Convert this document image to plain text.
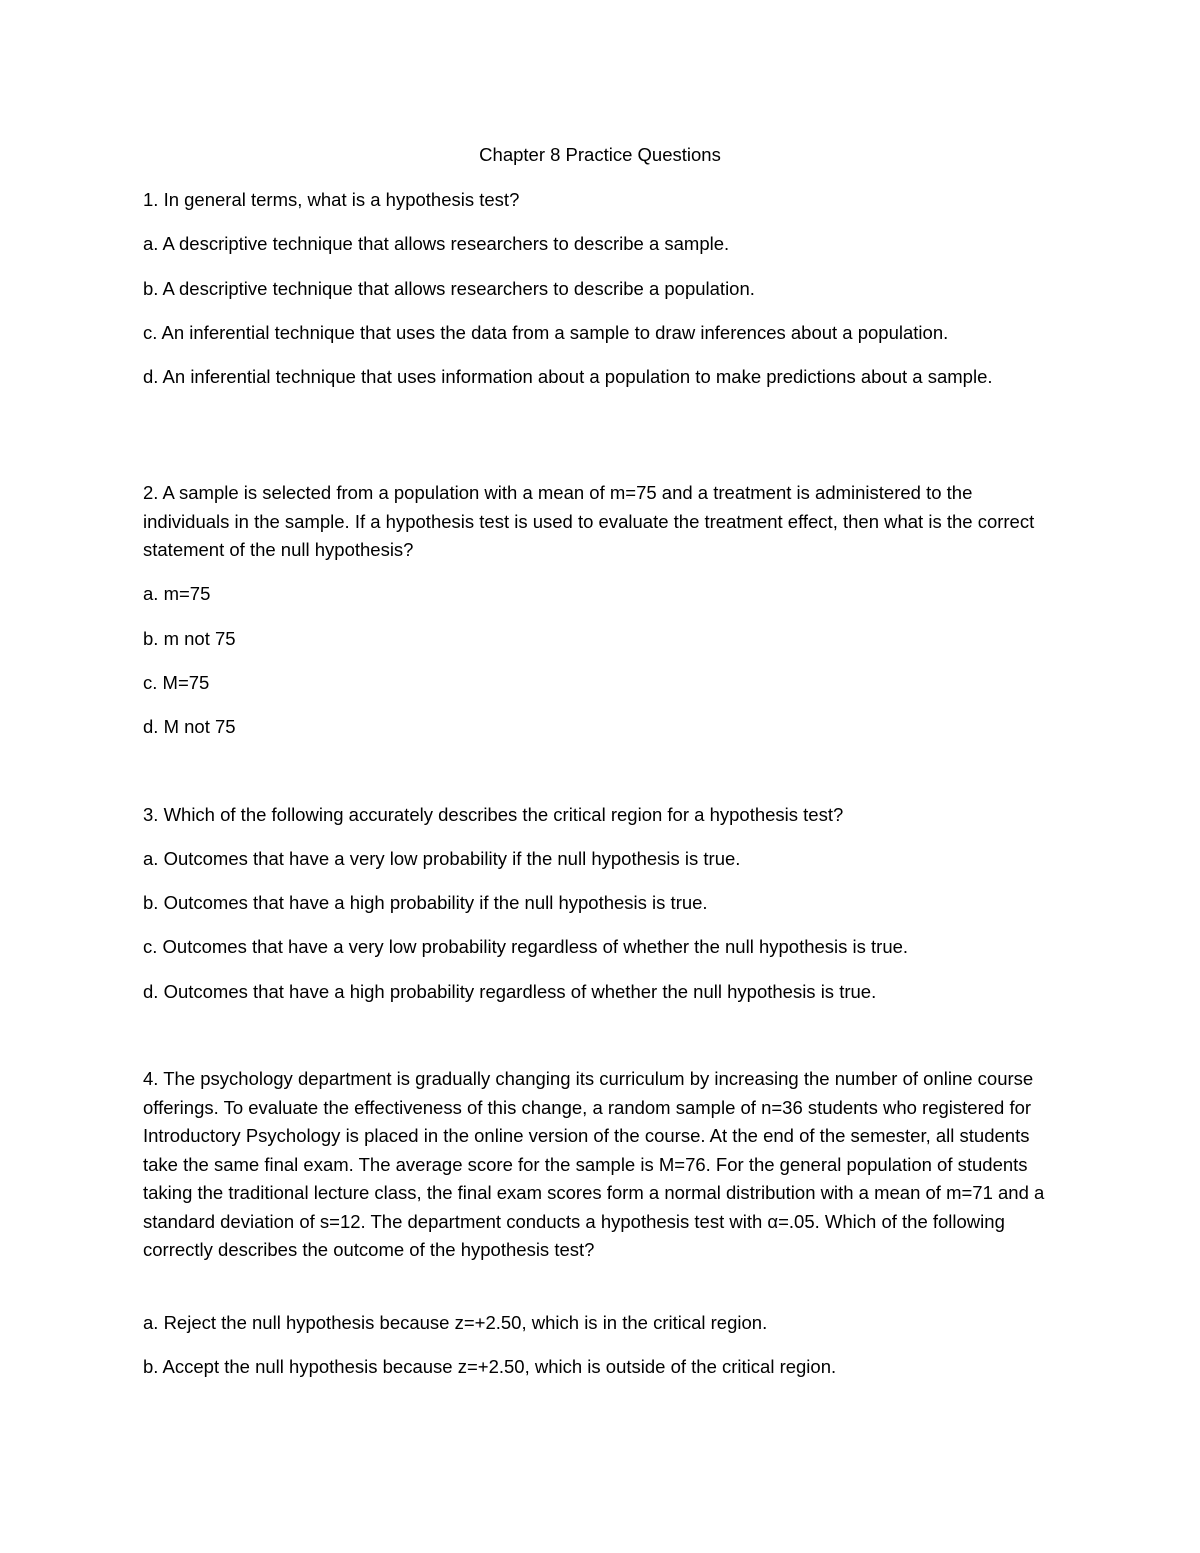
Chapter 8 Practice Questions
1. In general terms, what is a hypothesis test?
a. A descriptive technique that allows researchers to describe a sample.
b. A descriptive technique that allows researchers to describe a population.
c. An inferential technique that uses the data from a sample to draw inferences about a population.
d. An inferential technique that uses information about a population to make predictions about a sample.
2. A sample is selected from a population with a mean of m=75 and a treatment is administered to the individuals in the sample. If a hypothesis test is used to evaluate the treatment effect, then what is the correct statement of the null hypothesis?
a. m=75
b. m not 75
c. M=75
d. M not 75
3. Which of the following accurately describes the critical region for a hypothesis test?
a. Outcomes that have a very low probability if the null hypothesis is true.
b. Outcomes that have a high probability if the null hypothesis is true.
c. Outcomes that have a very low probability regardless of whether the null hypothesis is true.
d. Outcomes that have a high probability regardless of whether the null hypothesis is true.
4. The psychology department is gradually changing its curriculum by increasing the number of online course offerings. To evaluate the effectiveness of this change, a random sample of n=36 students who registered for Introductory Psychology is placed in the online version of the course. At the end of the semester, all students take the same final exam. The average score for the sample is M=76. For the general population of students taking the traditional lecture class, the final exam scores form a normal distribution with a mean of m=71 and a standard deviation of s=12. The department conducts a hypothesis test with α=.05. Which of the following correctly describes the outcome of the hypothesis test?
a. Reject the null hypothesis because z=+2.50, which is in the critical region.
b. Accept the null hypothesis because z=+2.50, which is outside of the critical region.
